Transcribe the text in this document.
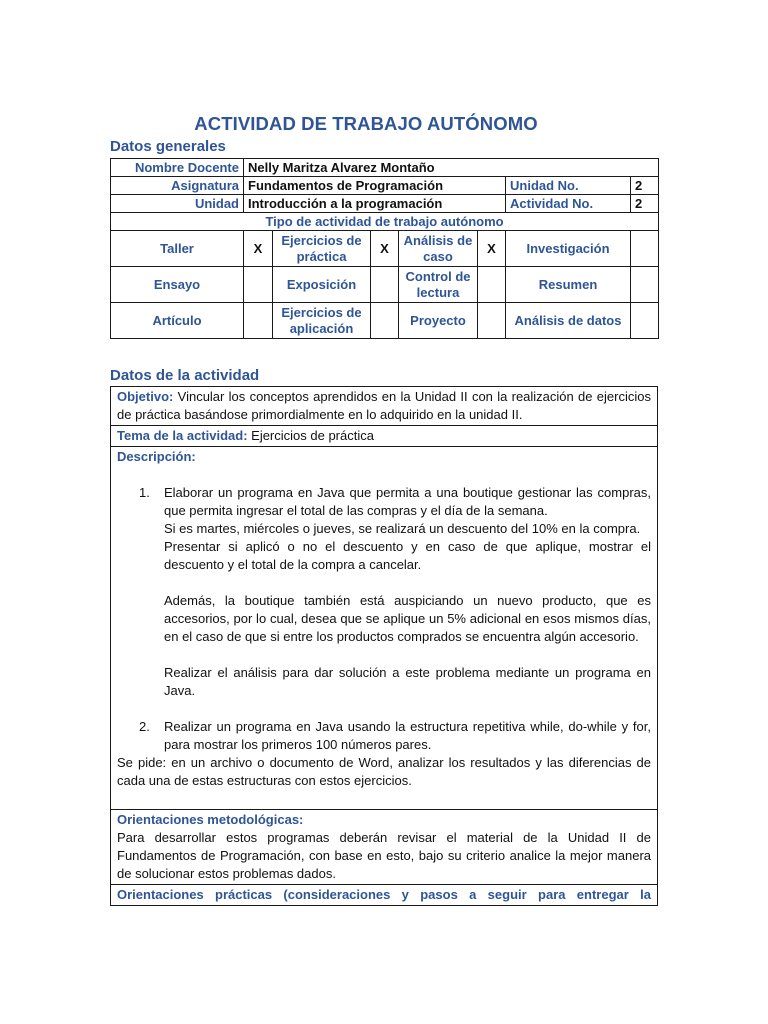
ACTIVIDAD DE TRABAJO AUTÓNOMO
Datos generales
Nombre Docente	Nelly Maritza Alvarez Montaño						
Asignatura	Fundamentos de Programación					Unidad No.	2
Unidad	Introducción a la programación					Actividad No.	2
Tipo de actividad de trabajo autónomo							
Taller	X	Ejercicios de práctica	X	Análisis de caso	X	Investigación	
Ensayo		Exposición		Control de lectura		Resumen	
Artículo		Ejercicios de aplicación		Proyecto		Análisis de datos	
Datos de la actividad
Objetivo: Vincular los conceptos aprendidos en la Unidad II con la realización de ejercicios de práctica basándose primordialmente en lo adquirido en la unidad II.
Tema de la actividad: Ejercicios de práctica

Descripción:
1. Elaborar un programa en Java que permita a una boutique gestionar las compras, que permita ingresar el total de las compras y el día de la semana.
Si es martes, miércoles o jueves, se realizará un descuento del 10% en la compra.
Presentar si aplicó o no el descuento y en caso de que aplique, mostrar el descuento y el total de la compra a cancelar.
Además, la boutique también está auspiciando un nuevo producto, que es accesorios, por lo cual, desea que se aplique un 5% adicional en esos mismos días, en el caso de que si entre los productos comprados se encuentra algún accesorio.
Realizar el análisis para dar solución a este problema mediante un programa en Java.
2. Realizar un programa en Java usando la estructura repetitiva while, do-while y for, para mostrar los primeros 100 números pares.
Se pide: en un archivo o documento de Word, analizar los resultados y las diferencias de cada una de estas estructuras con estos ejercicios.

Orientaciones metodológicas:
Para desarrollar estos programas deberán revisar el material de la Unidad II de Fundamentos de Programación, con base en esto, bajo su criterio analice la mejor manera de solucionar estos problemas dados.

Orientaciones prácticas (consideraciones y pasos a seguir para entregar la
